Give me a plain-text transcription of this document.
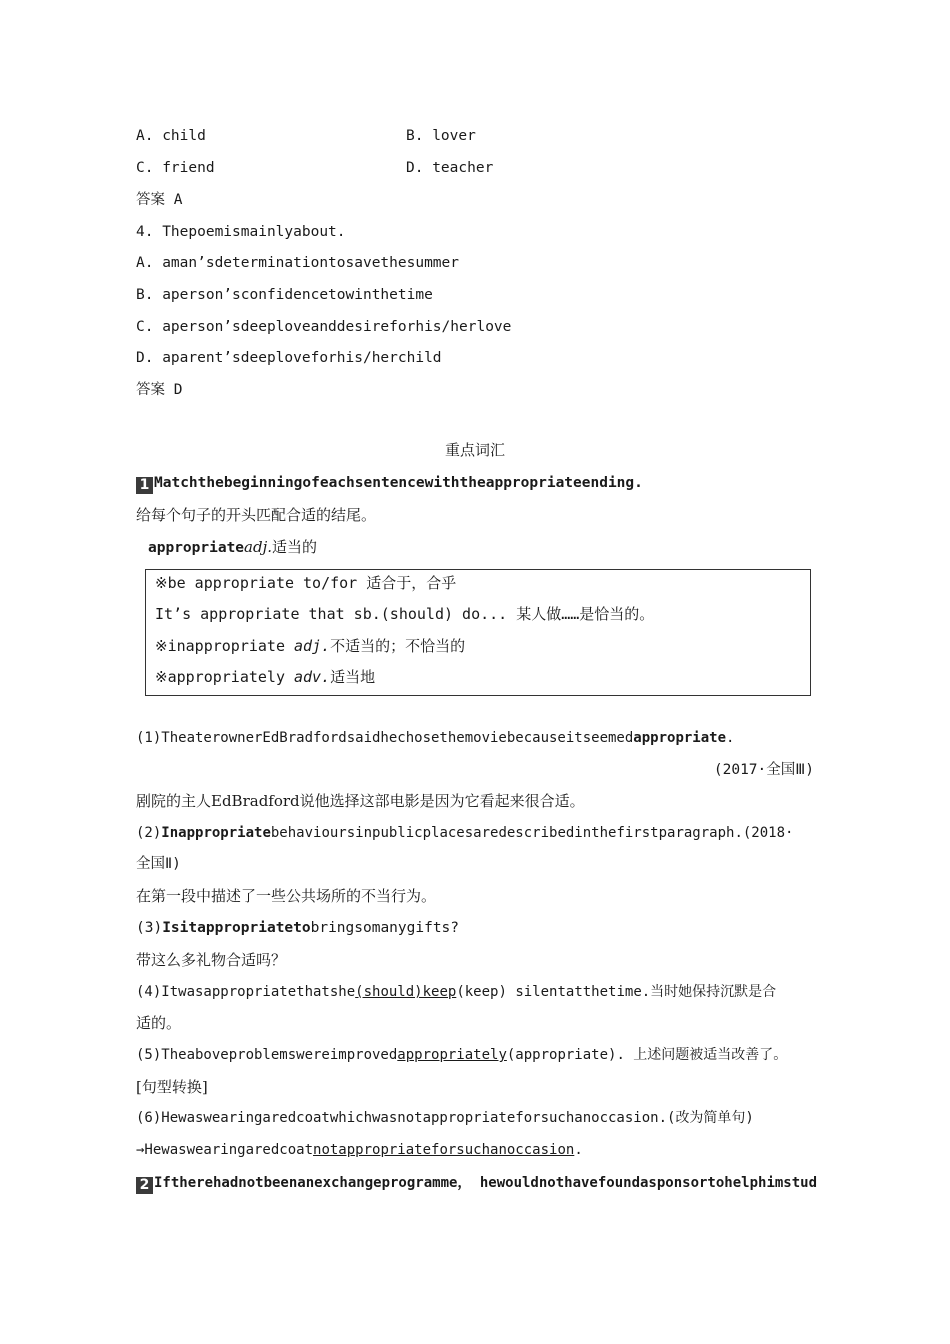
A. child	B. lover
C. friend	D. teacher
答案 A
4. Thepoemismainlyabout.
A. aman’sdeterminationtosavethesummer
B. aperson’sconfidencetowinthetime
C. aperson’sdeeploveanddesireforhis/herlove
D. aparent’sdeeploveforhis/herchild
答案 D
重点词汇
1 Matchthebeginningofeachsentencewiththeappropriateending.
给每个句子的开头匹配合适的结尾。
appropriateadj.适当的
※be appropriate to/for 适合于，合乎
It’s appropriate that sb.(should) do... 某人做……是恰当的。
※inappropriate adj.不适当的；不恰当的
※appropriately adv.适当地
(1)TheaterownerEdBradfordsaidhechosethemoviebecauseitseemedappropriate.
(2017·全国Ⅲ)
剧院的主人EdBradford说他选择这部电影是因为它看起来很合适。
(2)Inappropriatebehavioursinpublicplacesaredescribedinthefirstparagraph.(2018·
全国Ⅱ)
在第一段中描述了一些公共场所的不当行为。
(3)Isitappropriatetobringsomanygifts?
带这么多礼物合适吗？
(4)Itwasappropriatethatshe(should)keep(keep) silentatthetime.当时她保持沉默是合
适的。
(5)Theaboveproblemswereimprovedappropriately(appropriate). 上述问题被适当改善了。
[句型转换]
(6)Hewaswearingaredcoatwhichwasnotappropriateforsuchanoccasion.(改为简单句)
→Hewaswearingaredcoatnotappropriateforsuchanoccasion.
2 Iftherehadnotbeenanexchangeprogramme， hewouldnothavefoundasponsortohelphimstud
